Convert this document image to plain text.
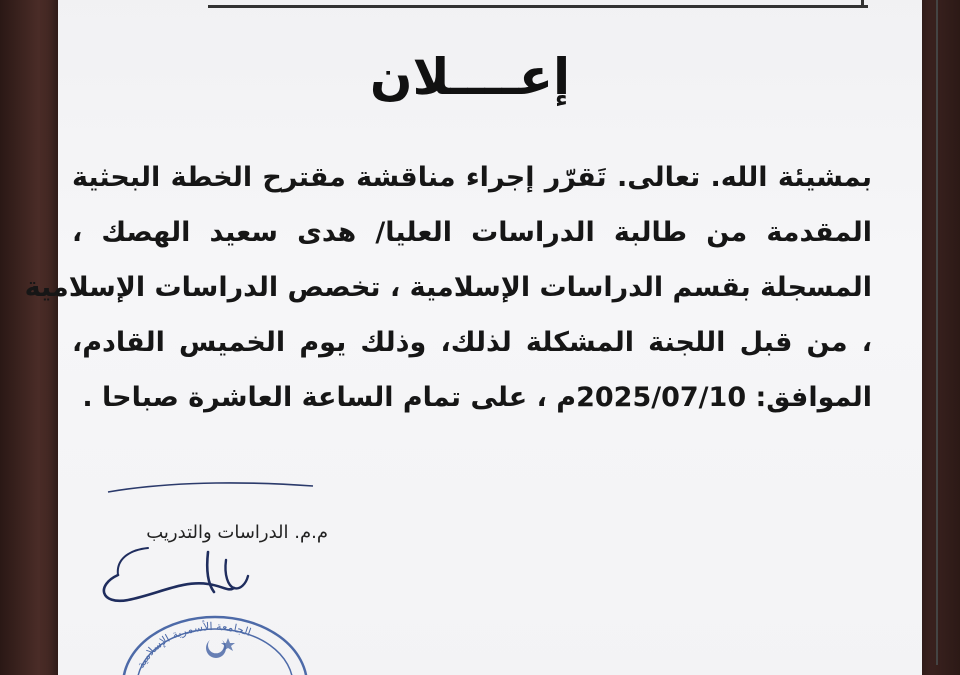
إعــــلان
بمشيئة الله. تعالى. تَقرّر إجراء مناقشة مقترح الخطة البحثية
المقدمة من طالبة الدراسات العليا/ هدى سعيد الهصك ،
المسجلة بقسم الدراسات الإسلامية ، تخصص الدراسات الإسلامية
، من قبل اللجنة المشكلة لذلك، وذلك يوم الخميس القادم،
الموافق: 2025/07/10م ، على تمام الساعة العاشرة صباحا .
م.م. الدراسات والتدريب
الجامعة الأسمرية الإسلامية
